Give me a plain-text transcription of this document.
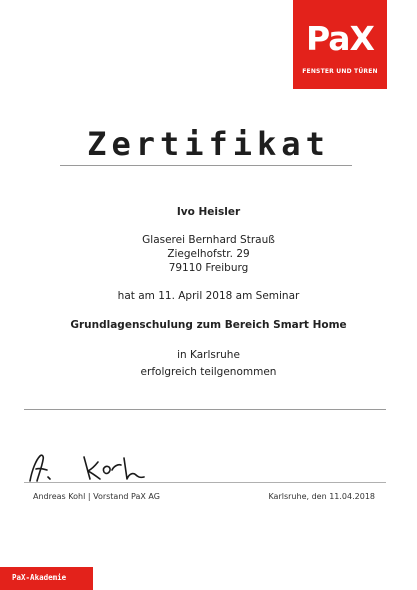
PaX
FENSTER UND TÜREN
Zertifikat
Ivo Heisler
Glaserei Bernhard Strauß
Ziegelhofstr. 29
79110 Freiburg
hat am 11. April 2018 am Seminar
Grundlagenschulung zum Bereich Smart Home
in Karlsruhe
erfolgreich teilgenommen
Andreas Kohl | Vorstand PaX AG	Karlsruhe, den 11.04.2018
PaX-Akademie
